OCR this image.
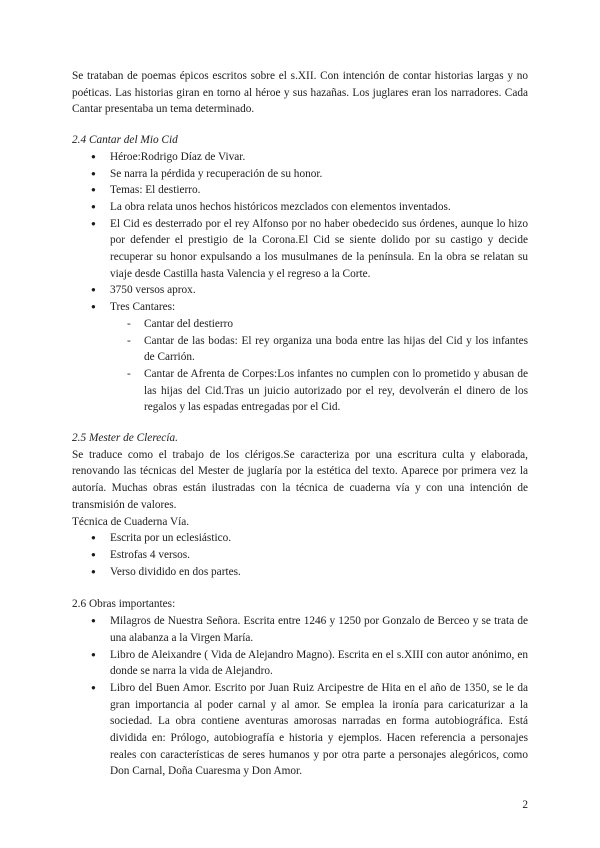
Se trataban de poemas épicos escritos sobre el s.XII. Con intención de contar historias largas y no poéticas. Las historias giran en torno al héroe y sus hazañas. Los juglares eran los narradores. Cada Cantar presentaba un tema determinado.

2.4 Cantar del Mio Cid

● Héroe:Rodrigo Díaz de Vivar.
● Se narra la pérdida y recuperación de su honor.
● Temas: El destierro.
● La obra relata unos hechos históricos mezclados con elementos inventados.
● El Cid es desterrado por el rey Alfonso por no haber obedecido sus órdenes, aunque lo hizo por defender el prestigio de la Corona.El Cid se siente dolido por su castigo y decide recuperar su honor expulsando a los musulmanes de la península. En la obra se relatan su viaje desde Castilla hasta Valencia y el regreso a la Corte.
● 3750 versos aprox.
● Tres Cantares:
- Cantar del destierro
- Cantar de las bodas: El rey organiza una boda entre las hijas del Cid y los infantes de Carrión.
- Cantar de Afrenta de Corpes:Los infantes no cumplen con lo prometido y abusan de las hijas del Cid.Tras un juicio autorizado por el rey, devolverán el dinero de los regalos y las espadas entregadas por el Cid.

2.5 Mester de Clerecía.

Se traduce como el trabajo de los clérigos.Se caracteriza por una escritura culta y elaborada, renovando las técnicas del Mester de juglaría por la estética del texto. Aparece por primera vez la autoría. Muchas obras están ilustradas con la técnica de cuaderna vía y con una intención de transmisión de valores.

Técnica de Cuaderna Vía.

● Escrita por un eclesiástico.
● Estrofas 4 versos.
● Verso dividido en dos partes.

2.6 Obras importantes:

● Milagros de Nuestra Señora. Escrita entre 1246 y 1250 por Gonzalo de Berceo y se trata de una alabanza a la Virgen María.
● Libro de Aleixandre ( Vida de Alejandro Magno). Escrita en el s.XIII con autor anónimo, en donde se narra la vida de Alejandro.
● Libro del Buen Amor. Escrito por Juan Ruiz Arcipestre de Hita en el año de 1350, se le da gran importancia al poder carnal y al amor. Se emplea la ironía para caricaturizar a la sociedad. La obra contiene aventuras amorosas narradas en forma autobiográfica. Está dividida en: Prólogo, autobiografía e historia y ejemplos. Hacen referencia a personajes reales con características de seres humanos y por otra parte a personajes alegóricos, como Don Carnal, Doña Cuaresma y Don Amor.
2
